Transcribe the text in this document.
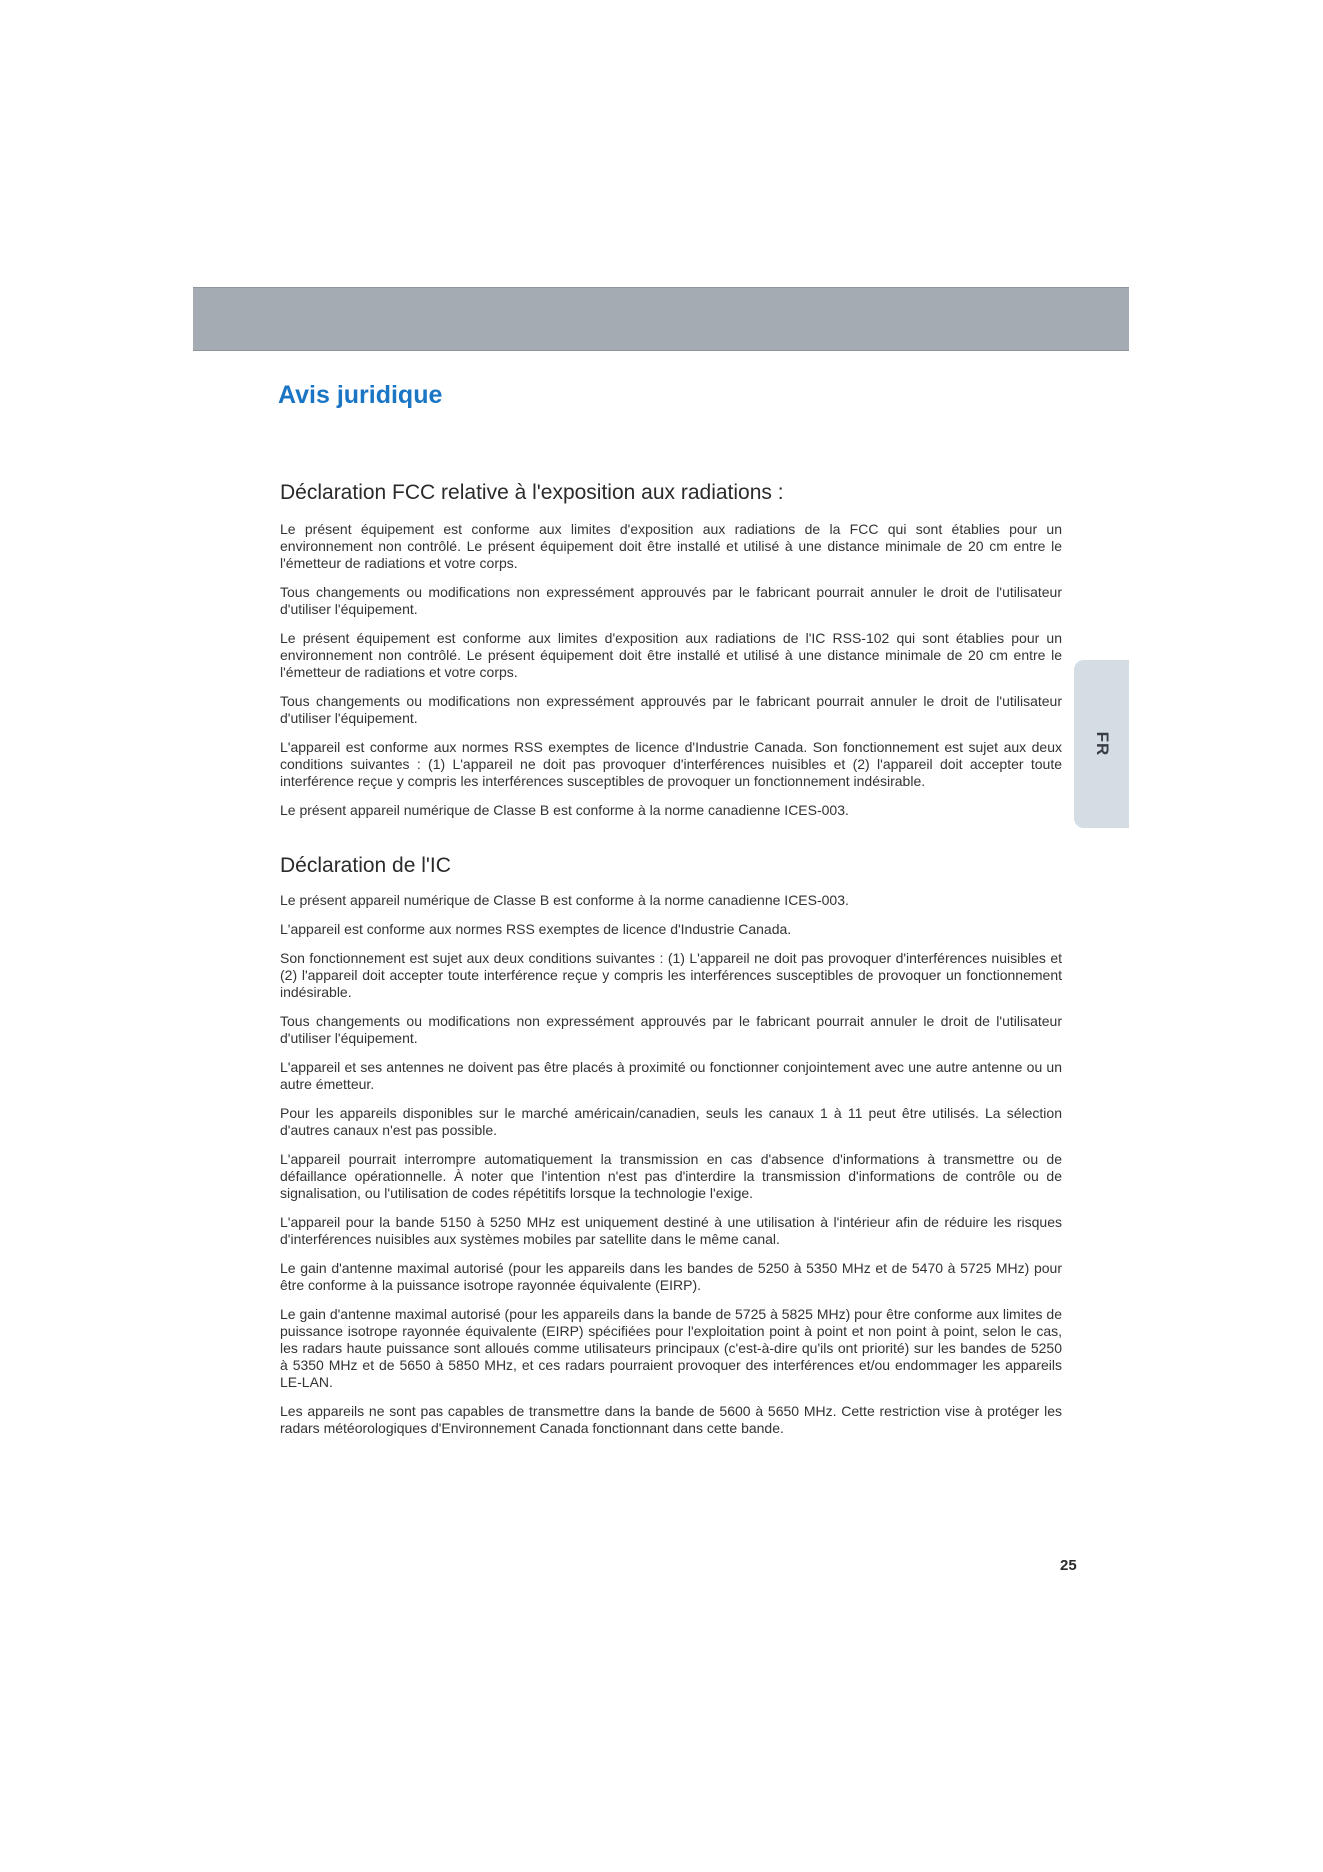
Avis juridique
Déclaration FCC relative à l'exposition aux radiations :

Le présent équipement est conforme aux limites d'exposition aux radiations de la FCC qui sont établies pour un environnement non contrôlé. Le présent équipement doit être installé et utilisé à une distance minimale de 20 cm entre le l'émetteur de radiations et votre corps.

Tous changements ou modifications non expressément approuvés par le fabricant pourrait annuler le droit de l'utilisateur d'utiliser l'équipement.

Le présent équipement est conforme aux limites d'exposition aux radiations de l'IC RSS-102 qui sont établies pour un environnement non contrôlé. Le présent équipement doit être installé et utilisé à une distance minimale de 20 cm entre le l'émetteur de radiations et votre corps.

Tous changements ou modifications non expressément approuvés par le fabricant pourrait annuler le droit de l'utilisateur d'utiliser l'équipement.

L'appareil est conforme aux normes RSS exemptes de licence d'Industrie Canada. Son fonctionnement est sujet aux deux conditions suivantes : (1) L'appareil ne doit pas provoquer d'interférences nuisibles et (2) l'appareil doit accepter toute interférence reçue y compris les interférences susceptibles de provoquer un fonctionnement indésirable.

Le présent appareil numérique de Classe B est conforme à la norme canadienne ICES-003.

Déclaration de l'IC

Le présent appareil numérique de Classe B est conforme à la norme canadienne ICES-003.

L'appareil est conforme aux normes RSS exemptes de licence d'Industrie Canada.

Son fonctionnement est sujet aux deux conditions suivantes : (1) L'appareil ne doit pas provoquer d'interférences nuisibles et (2) l'appareil doit accepter toute interférence reçue y compris les interférences susceptibles de provoquer un fonctionnement indésirable.

Tous changements ou modifications non expressément approuvés par le fabricant pourrait annuler le droit de l'utilisateur d'utiliser l'équipement.

L'appareil et ses antennes ne doivent pas être placés à proximité ou fonctionner conjointement avec une autre antenne ou un autre émetteur.

Pour les appareils disponibles sur le marché américain/canadien, seuls les canaux 1 à 11 peut être utilisés. La sélection d'autres canaux n'est pas possible.

L'appareil pourrait interrompre automatiquement la transmission en cas d'absence d'informations à transmettre ou de défaillance opérationnelle. À noter que l'intention n'est pas d'interdire la transmission d'informations de contrôle ou de signalisation, ou l'utilisation de codes répétitifs lorsque la technologie l'exige.

L'appareil pour la bande 5150 à 5250 MHz est uniquement destiné à une utilisation à l'intérieur afin de réduire les risques d'interférences nuisibles aux systèmes mobiles par satellite dans le même canal.

Le gain d'antenne maximal autorisé (pour les appareils dans les bandes de 5250 à 5350 MHz et de 5470 à 5725 MHz) pour être conforme à la puissance isotrope rayonnée équivalente (EIRP).

Le gain d'antenne maximal autorisé (pour les appareils dans la bande de 5725 à 5825 MHz) pour être conforme aux limites de puissance isotrope rayonnée équivalente (EIRP) spécifiées pour l'exploitation point à point et non point à point, selon le cas, les radars haute puissance sont alloués comme utilisateurs principaux (c'est-à-dire qu'ils ont priorité) sur les bandes de 5250 à 5350 MHz et de 5650 à 5850 MHz, et ces radars pourraient provoquer des interférences et/ou endommager les appareils LE-LAN.

Les appareils ne sont pas capables de transmettre dans la bande de 5600 à 5650 MHz. Cette restriction vise à protéger les radars météorologiques d'Environnement Canada fonctionnant dans cette bande.

FR
25
